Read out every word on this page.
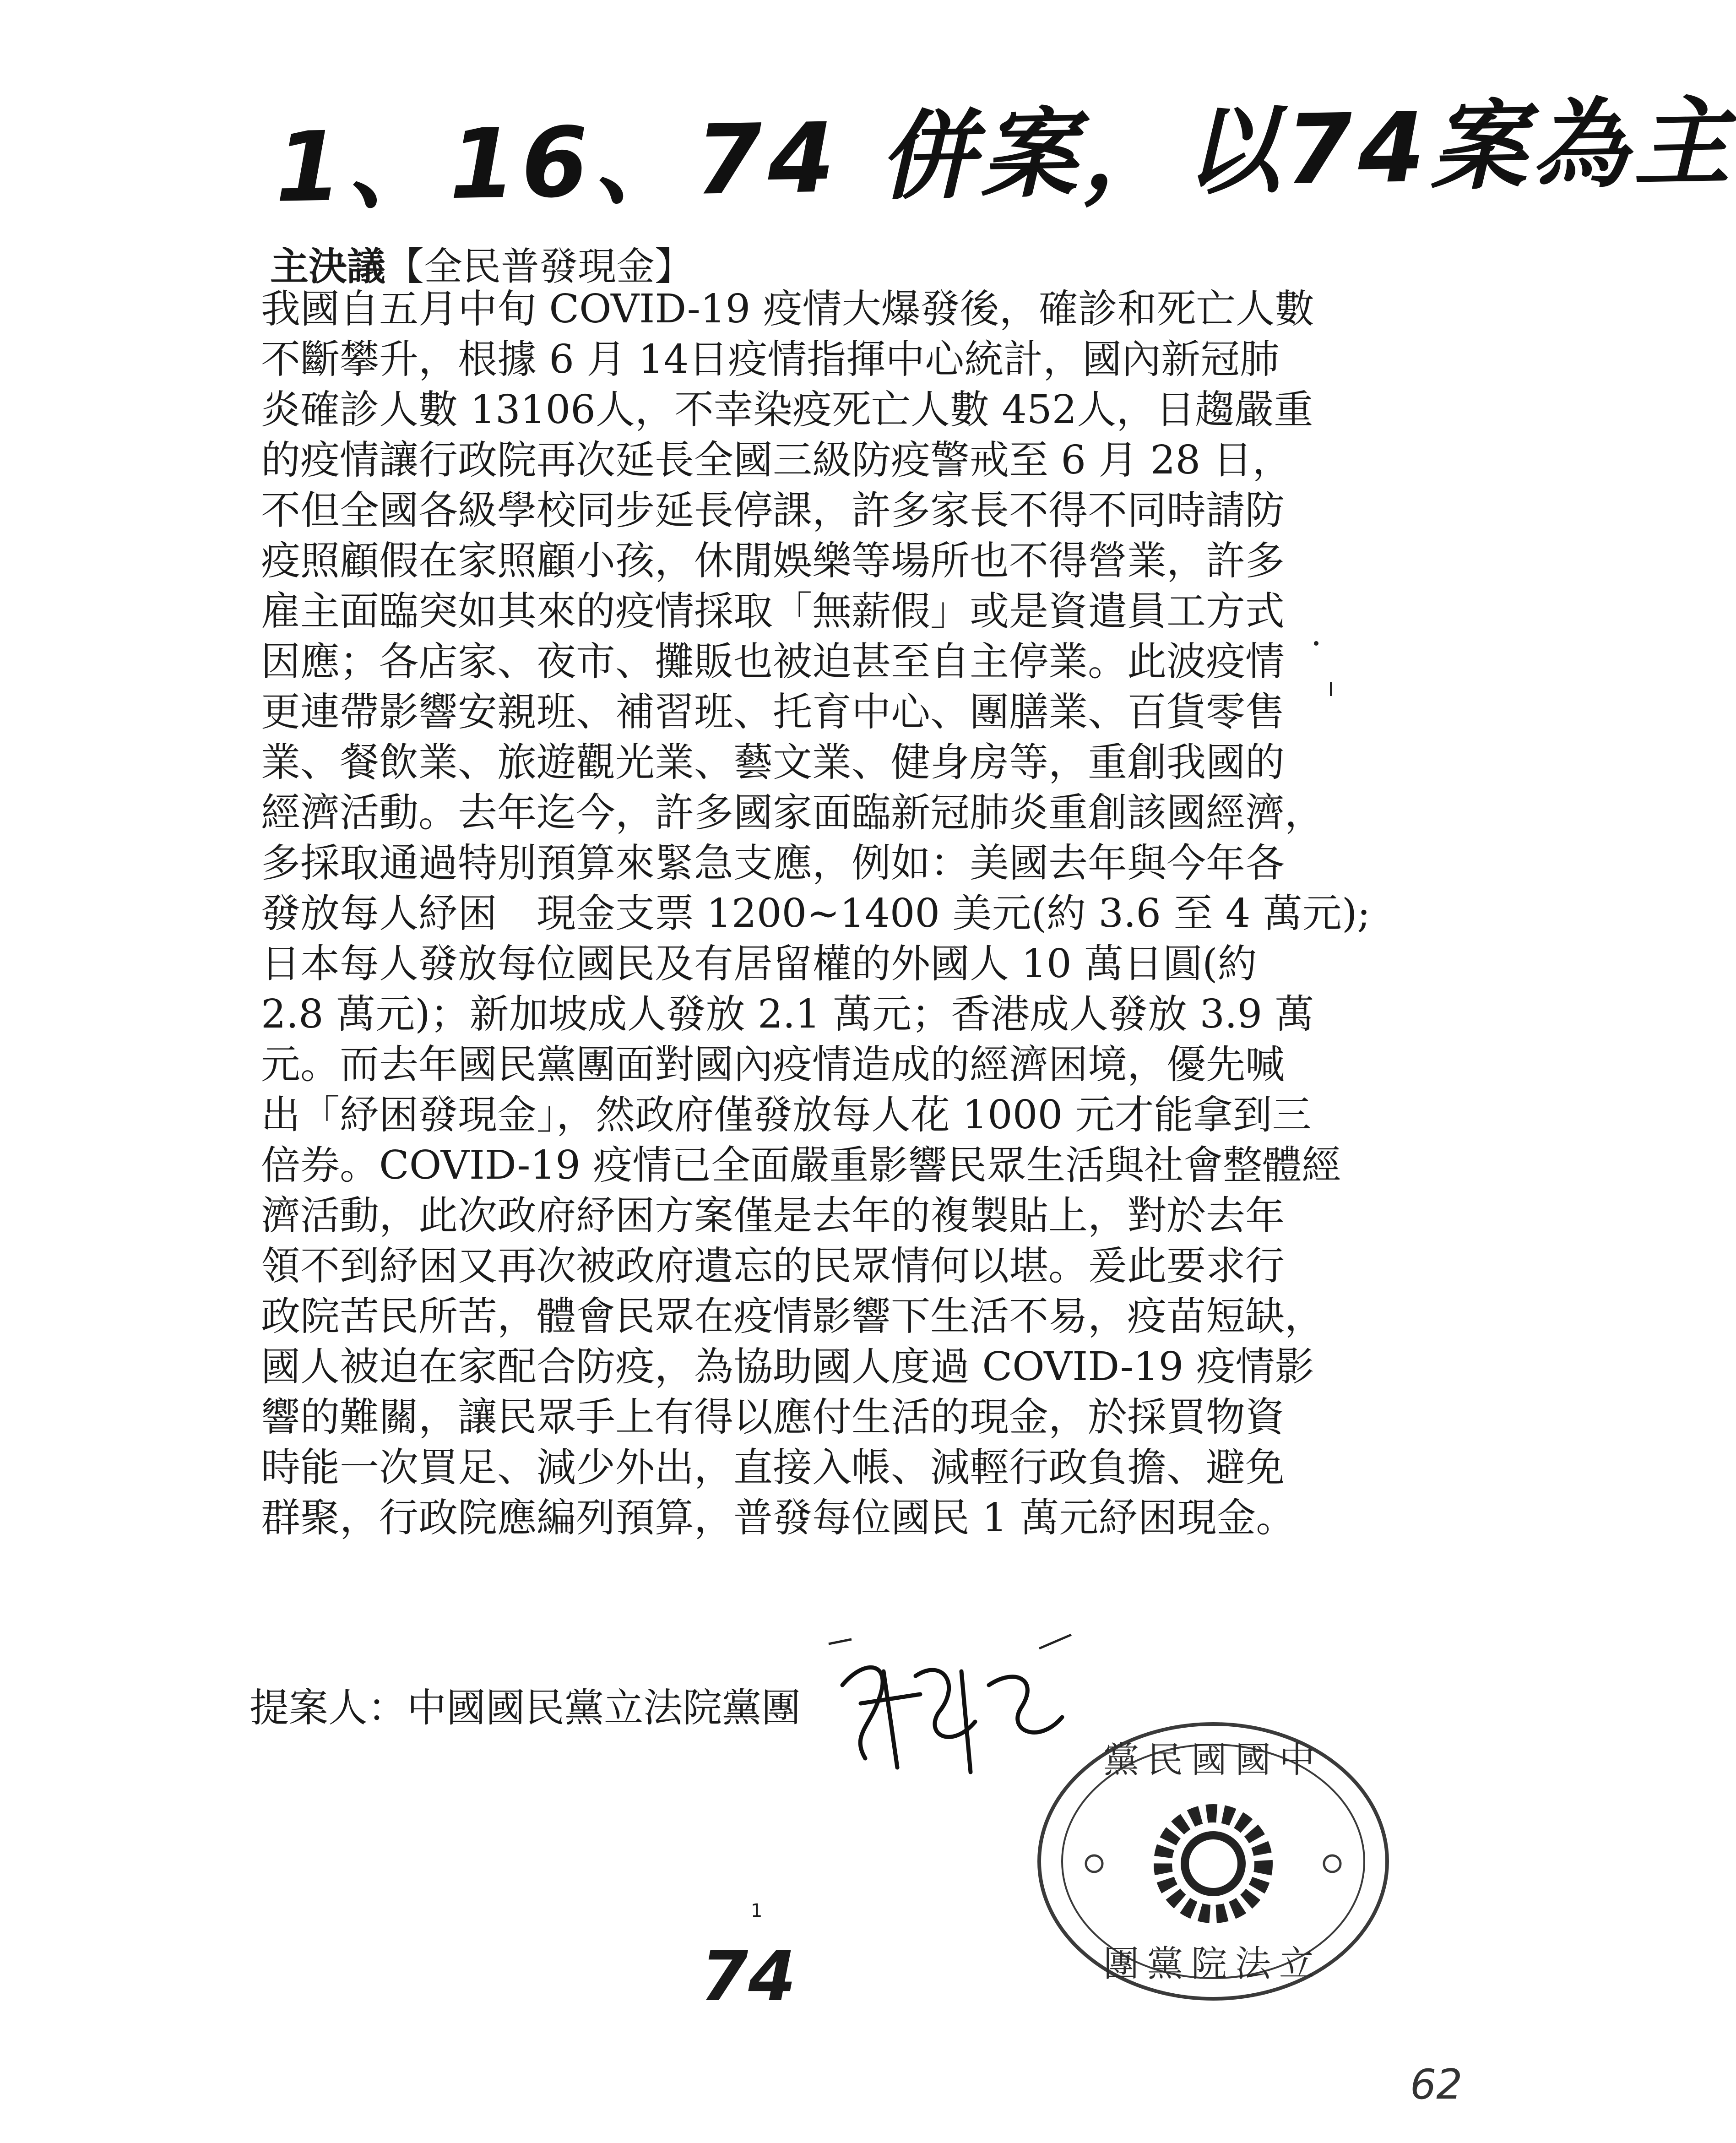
1、16、74 併案，以74案為主
主決議【全民普發現金】
我國自五月中旬 COVID-19 疫情大爆發後，確診和死亡人數
不斷攀升，根據 6 月 14日疫情指揮中心統計，國內新冠肺
炎確診人數 13106人，不幸染疫死亡人數 452人，日趨嚴重
的疫情讓行政院再次延長全國三級防疫警戒至 6 月 28 日，
不但全國各級學校同步延長停課，許多家長不得不同時請防
疫照顧假在家照顧小孩，休閒娛樂等場所也不得營業，許多
雇主面臨突如其來的疫情採取「無薪假」或是資遣員工方式
因應；各店家、夜市、攤販也被迫甚至自主停業。此波疫情
更連帶影響安親班、補習班、托育中心、團膳業、百貨零售
業、餐飲業、旅遊觀光業、藝文業、健身房等，重創我國的
經濟活動。去年迄今，許多國家面臨新冠肺炎重創該國經濟，
多採取通過特別預算來緊急支應，例如：美國去年與今年各
發放每人紓困　現金支票 1200~1400 美元(約 3.6 至 4 萬元);
日本每人發放每位國民及有居留權的外國人 10 萬日圓(約
2.8 萬元)；新加坡成人發放 2.1 萬元；香港成人發放 3.9 萬
元。而去年國民黨團面對國內疫情造成的經濟困境，優先喊
出「紓困發現金」，然政府僅發放每人花 1000 元才能拿到三
倍券。COVID-19 疫情已全面嚴重影響民眾生活與社會整體經
濟活動，此次政府紓困方案僅是去年的複製貼上，對於去年
領不到紓困又再次被政府遺忘的民眾情何以堪。爰此要求行
政院苦民所苦，體會民眾在疫情影響下生活不易，疫苗短缺，
國人被迫在家配合防疫，為協助國人度過 COVID-19 疫情影
響的難關，讓民眾手上有得以應付生活的現金，於採買物資
時能一次買足、減少外出，直接入帳、減輕行政負擔、避免
群聚，行政院應編列預算，普發每位國民 1 萬元紓困現金。
提案人：中國國民黨立法院黨團
黨民國國中
團黨院法立
1
74
62
